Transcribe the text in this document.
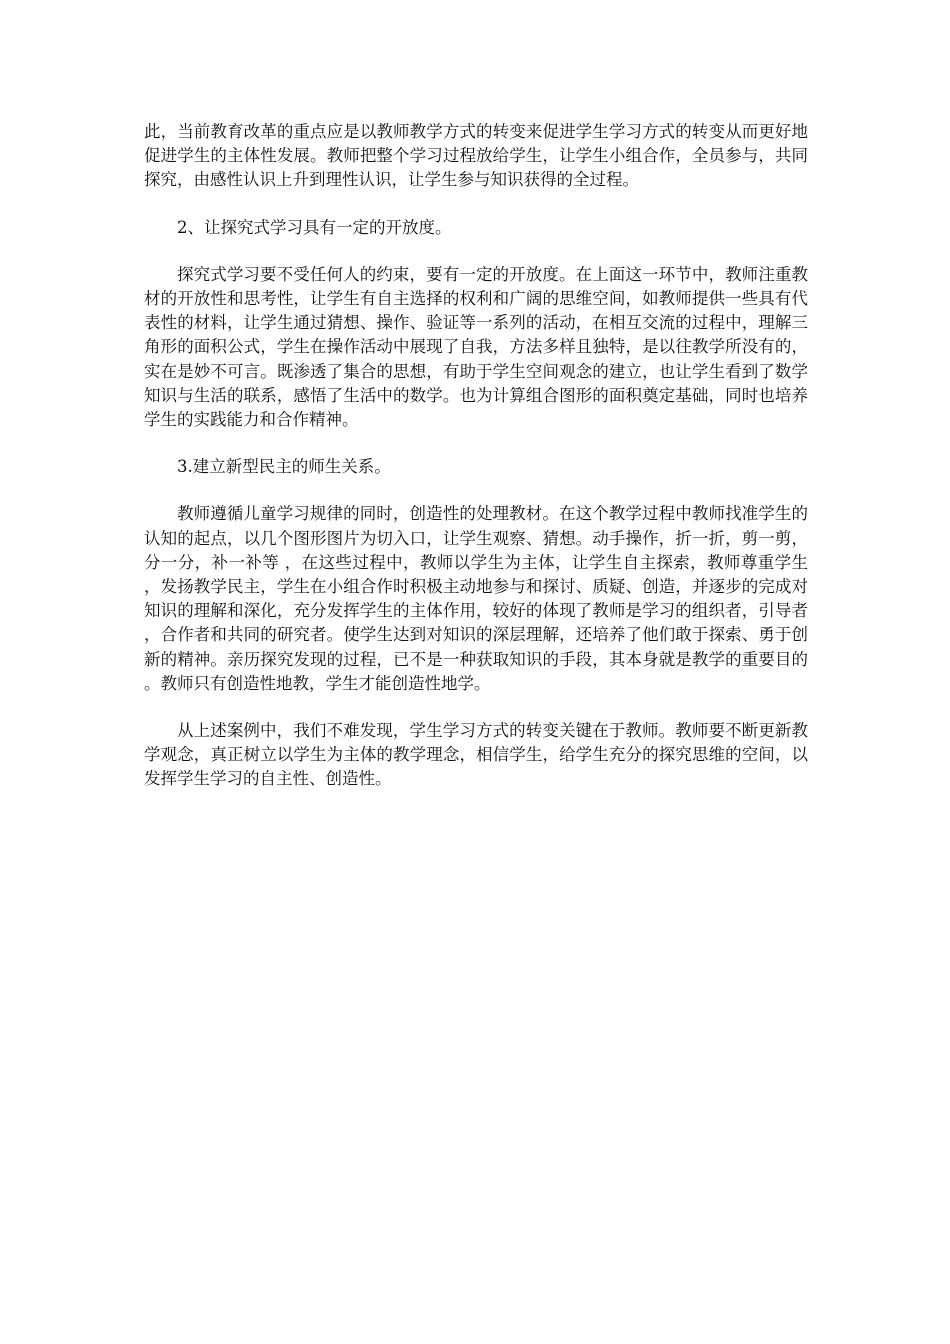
此，当前教育改革的重点应是以教师教学方式的转变来促进学生学习方式的转变从而更好地促进学生的主体性发展。教师把整个学习过程放给学生，让学生小组合作，全员参与，共同探究，由感性认识上升到理性认识，让学生参与知识获得的全过程。

2、让探究式学习具有一定的开放度。

探究式学习要不受任何人的约束，要有一定的开放度。在上面这一环节中，教师注重教材的开放性和思考性，让学生有自主选择的权利和广阔的思维空间，如教师提供一些具有代表性的材料，让学生通过猜想、操作、验证等一系列的活动，在相互交流的过程中，理解三角形的面积公式，学生在操作活动中展现了自我，方法多样且独特，是以往教学所没有的，实在是妙不可言。既渗透了集合的思想，有助于学生空间观念的建立，也让学生看到了数学知识与生活的联系，感悟了生活中的数学。也为计算组合图形的面积奠定基础，同时也培养学生的实践能力和合作精神。

3.建立新型民主的师生关系。

教师遵循儿童学习规律的同时，创造性的处理教材。在这个教学过程中教师找准学生的认知的起点，以几个图形图片为切入口，让学生观察、猜想。动手操作，折一折，剪一剪，分一分，补一补等 ，在这些过程中，教师以学生为主体，让学生自主探索，教师尊重学生，发扬教学民主，学生在小组合作时积极主动地参与和探讨、质疑、创造，并逐步的完成对知识的理解和深化，充分发挥学生的主体作用，较好的体现了教师是学习的组织者，引导者，合作者和共同的研究者。使学生达到对知识的深层理解，还培养了他们敢于探索、勇于创新的精神。亲历探究发现的过程，已不是一种获取知识的手段，其本身就是教学的重要目的。教师只有创造性地教，学生才能创造性地学。

从上述案例中，我们不难发现，学生学习方式的转变关键在于教师。教师要不断更新教学观念，真正树立以学生为主体的教学理念，相信学生，给学生充分的探究思维的空间，以发挥学生学习的自主性、创造性。
